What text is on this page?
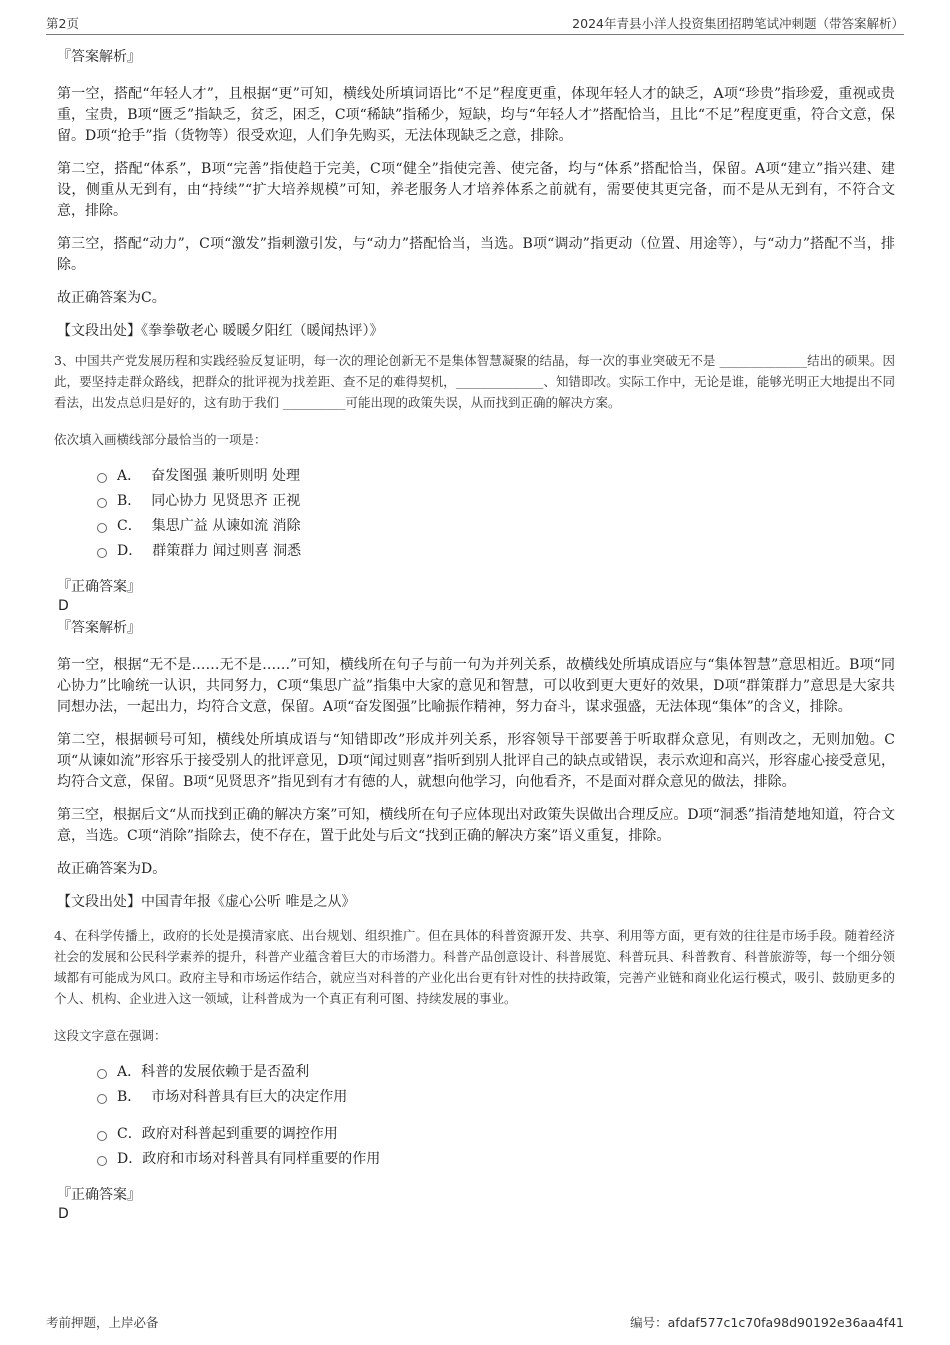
第2页	2024年青县小洋人投资集团招聘笔试冲刺题（带答案解析）
『答案解析』

第一空，搭配“年轻人才”，且根据“更”可知，横线处所填词语比“不足”程度更重，体现年轻人才的缺乏，A项“珍贵”指珍爱，重视或贵重，宝贵，B项“匮乏”指缺乏，贫乏，困乏，C项“稀缺”指稀少，短缺，均与“年轻人才”搭配恰当，且比“不足”程度更重，符合文意，保留。D项“抢手”指（货物等）很受欢迎，人们争先购买，无法体现缺乏之意，排除。

第二空，搭配“体系”，B项“完善”指使趋于完美，C项“健全”指使完善、使完备，均与“体系”搭配恰当，保留。A项“建立”指兴建、建设，侧重从无到有，由“持续”“扩大培养规模”可知，养老服务人才培养体系之前就有，需要使其更完备，而不是从无到有，不符合文意，排除。

第三空，搭配“动力”，C项“激发”指刺激引发，与“动力”搭配恰当，当选。B项“调动”指更动（位置、用途等），与“动力”搭配不当，排除。

故正确答案为C。

【文段出处】《拳拳敬老心 暖暖夕阳红（暖闻热评）》

3、中国共产党发展历程和实践经验反复证明，每一次的理论创新无不是集体智慧凝聚的结晶，每一次的事业突破无不是 ______________结出的硕果。因此，要坚持走群众路线，把群众的批评视为找差距、查不足的难得契机，______________、知错即改。实际工作中，无论是谁，能够光明正大地提出不同看法，出发点总归是好的，这有助于我们 __________可能出现的政策失误，从而找到正确的解决方案。

依次填入画横线部分最恰当的一项是：
A． 奋发图强 兼听则明 处理
B． 同心协力 见贤思齐 正视
C． 集思广益 从谏如流 消除
D． 群策群力 闻过则喜 洞悉
『正确答案』
D
『答案解析』

第一空，根据“无不是……无不是……”可知，横线所在句子与前一句为并列关系，故横线处所填成语应与“集体智慧”意思相近。B项“同心协力”比喻统一认识，共同努力，C项“集思广益”指集中大家的意见和智慧，可以收到更大更好的效果，D项“群策群力”意思是大家共同想办法，一起出力，均符合文意，保留。A项“奋发图强”比喻振作精神，努力奋斗，谋求强盛，无法体现“集体”的含义，排除。

第二空，根据顿号可知，横线处所填成语与“知错即改”形成并列关系，形容领导干部要善于听取群众意见，有则改之，无则加勉。C项“从谏如流”形容乐于接受别人的批评意见，D项“闻过则喜”指听到别人批评自己的缺点或错误，表示欢迎和高兴，形容虚心接受意见，均符合文意，保留。B项“见贤思齐”指见到有才有德的人，就想向他学习，向他看齐，不是面对群众意见的做法，排除。

第三空，根据后文“从而找到正确的解决方案”可知，横线所在句子应体现出对政策失误做出合理反应。D项“洞悉”指清楚地知道，符合文意，当选。C项“消除”指除去，使不存在，置于此处与后文“找到正确的解决方案”语义重复，排除。

故正确答案为D。

【文段出处】中国青年报《虚心公听 唯是之从》

4、在科学传播上，政府的长处是摸清家底、出台规划、组织推广。但在具体的科普资源开发、共享、利用等方面，更有效的往往是市场手段。随着经济社会的发展和公民科学素养的提升，科普产业蕴含着巨大的市场潜力。科普产品创意设计、科普展览、科普玩具、科普教育、科普旅游等，每一个细分领域都有可能成为风口。政府主导和市场运作结合，就应当对科普的产业化出台更有针对性的扶持政策，完善产业链和商业化运行模式，吸引、鼓励更多的个人、机构、企业进入这一领域，让科普成为一个真正有利可图、持续发展的事业。

这段文字意在强调：
A． 科普的发展依赖于是否盈利
B． 市场对科普具有巨大的决定作用
C． 政府对科普起到重要的调控作用
D． 政府和市场对科普具有同样重要的作用
『正确答案』
D
考前押题，上岸必备	编号：afdaf577c1c70fa98d90192e36aa4f41
